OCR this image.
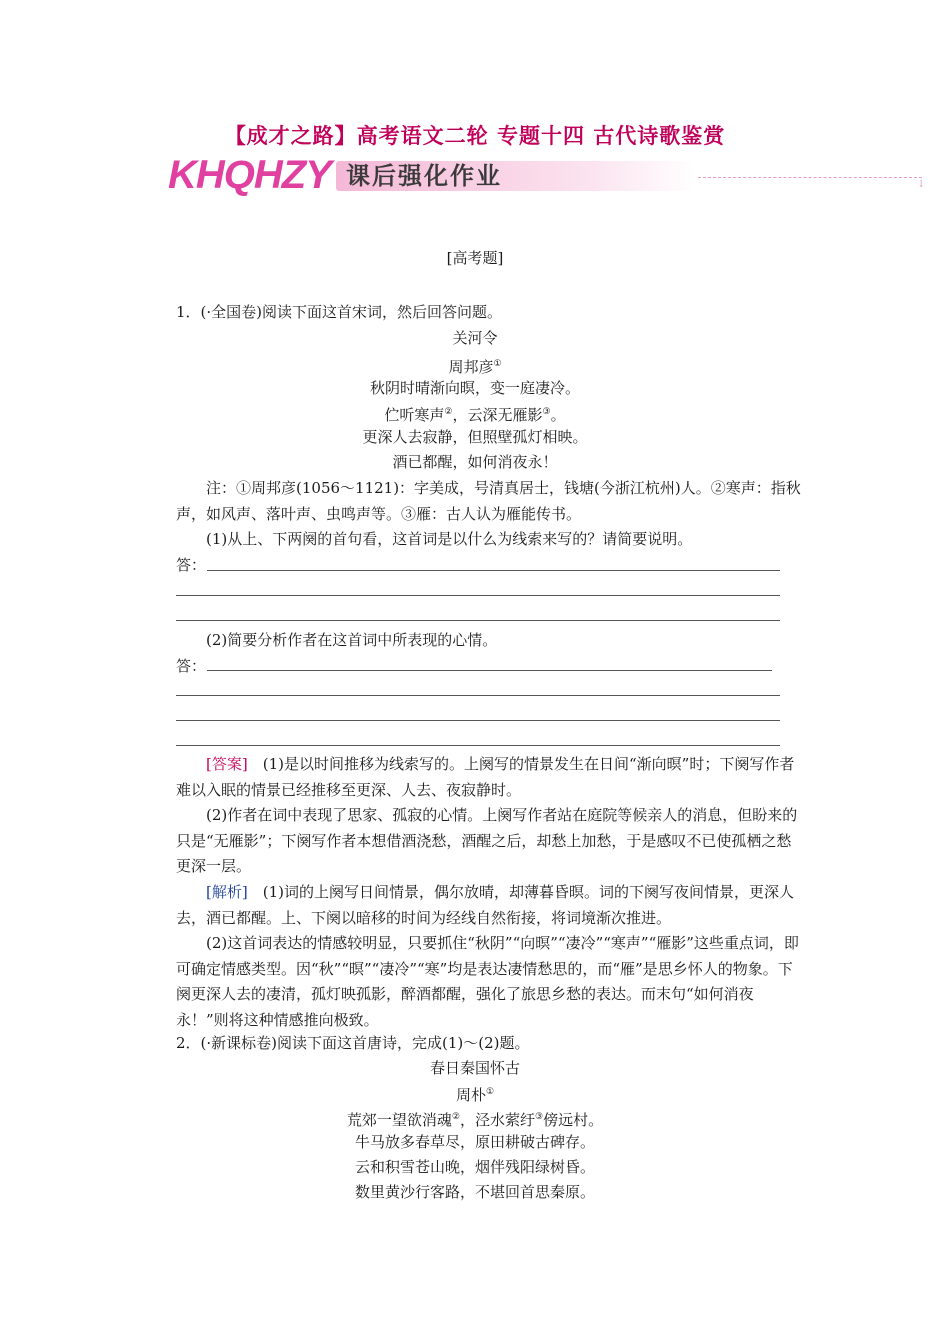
【成才之路】高考语文二轮 专题十四 古代诗歌鉴赏
KHQHZY 课后强化作业	↓
[高考题]
1．(·全国卷)阅读下面这首宋词，然后回答问题。
关河令
周邦彦①
秋阴时晴渐向暝，变一庭凄冷。
伫听寒声②，云深无雁影③。
更深人去寂静，但照壁孤灯相映。
酒已都醒，如何消夜永！
注：①周邦彦(1056～1121)：字美成，号清真居士，钱塘(今浙江杭州)人。②寒声：指秋声，如风声、落叶声、虫鸣声等。③雁：古人认为雁能传书。
(1)从上、下两阕的首句看，这首词是以什么为线索来写的？请简要说明。
答：
(2)简要分析作者在这首词中所表现的心情。
答：
[答案]　 (1)是以时间推移为线索写的。上阕写的情景发生在日间“渐向暝”时；下阕写作者难以入眠的情景已经推移至更深、人去、夜寂静时。
(2)作者在词中表现了思家、孤寂的心情。上阕写作者站在庭院等候亲人的消息，但盼来的只是“无雁影”；下阕写作者本想借酒浇愁，酒醒之后，却愁上加愁，于是感叹不已使孤栖之愁更深一层。
[解析]　 (1)词的上阕写日间情景，偶尔放晴，却薄暮昏暝。词的下阕写夜间情景，更深人去，酒已都醒。上、下阕以暗移的时间为经线自然衔接，将词境渐次推进。
(2)这首词表达的情感较明显，只要抓住“秋阴”“向暝”“凄冷”“寒声”“雁影”这些重点词，即可确定情感类型。因“秋”“暝”“凄冷”“寒”均是表达凄情愁思的，而“雁”是思乡怀人的物象。下阕更深人去的凄清，孤灯映孤影，醉酒都醒，强化了旅思乡愁的表达。而末句“如何消夜永！”则将这种情感推向极致。
2．(·新课标卷)阅读下面这首唐诗，完成(1)～(2)题。
春日秦国怀古
周朴①
荒郊一望欲消魂②，泾水萦纡③傍远村。
牛马放多春草尽，原田耕破古碑存。
云和积雪苍山晚，烟伴残阳绿树昏。
数里黄沙行客路，不堪回首思秦原。
